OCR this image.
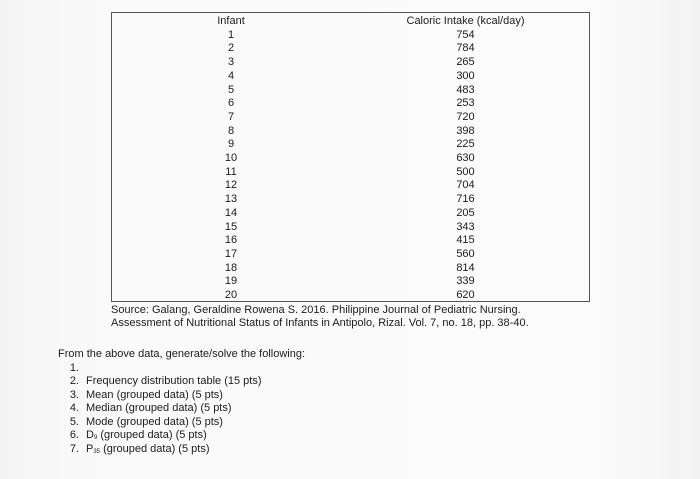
Infant
1
2
3
4
5
6
7
8
9
10
11
12
13
14
15
16
17
18
19
20
Caloric Intake (kcal/day)
754
784
265
300
483
253
720
398
225
630
500
704
716
205
343
415
560
814
339
620
Source: Galang, Geraldine Rowena S. 2016. Philippine Journal of Pediatric Nursing.
Assessment of Nutritional Status of Infants in Antipolo, Rizal. Vol. 7, no. 18, pp. 38-40.
From the above data, generate/solve the following:
1.
2. Frequency distribution table (15 pts)
3. Mean (grouped data) (5 pts)
4. Median (grouped data) (5 pts)
5. Mode (grouped data) (5 pts)
6. D9 (grouped data) (5 pts)
7. P35 (grouped data) (5 pts)
